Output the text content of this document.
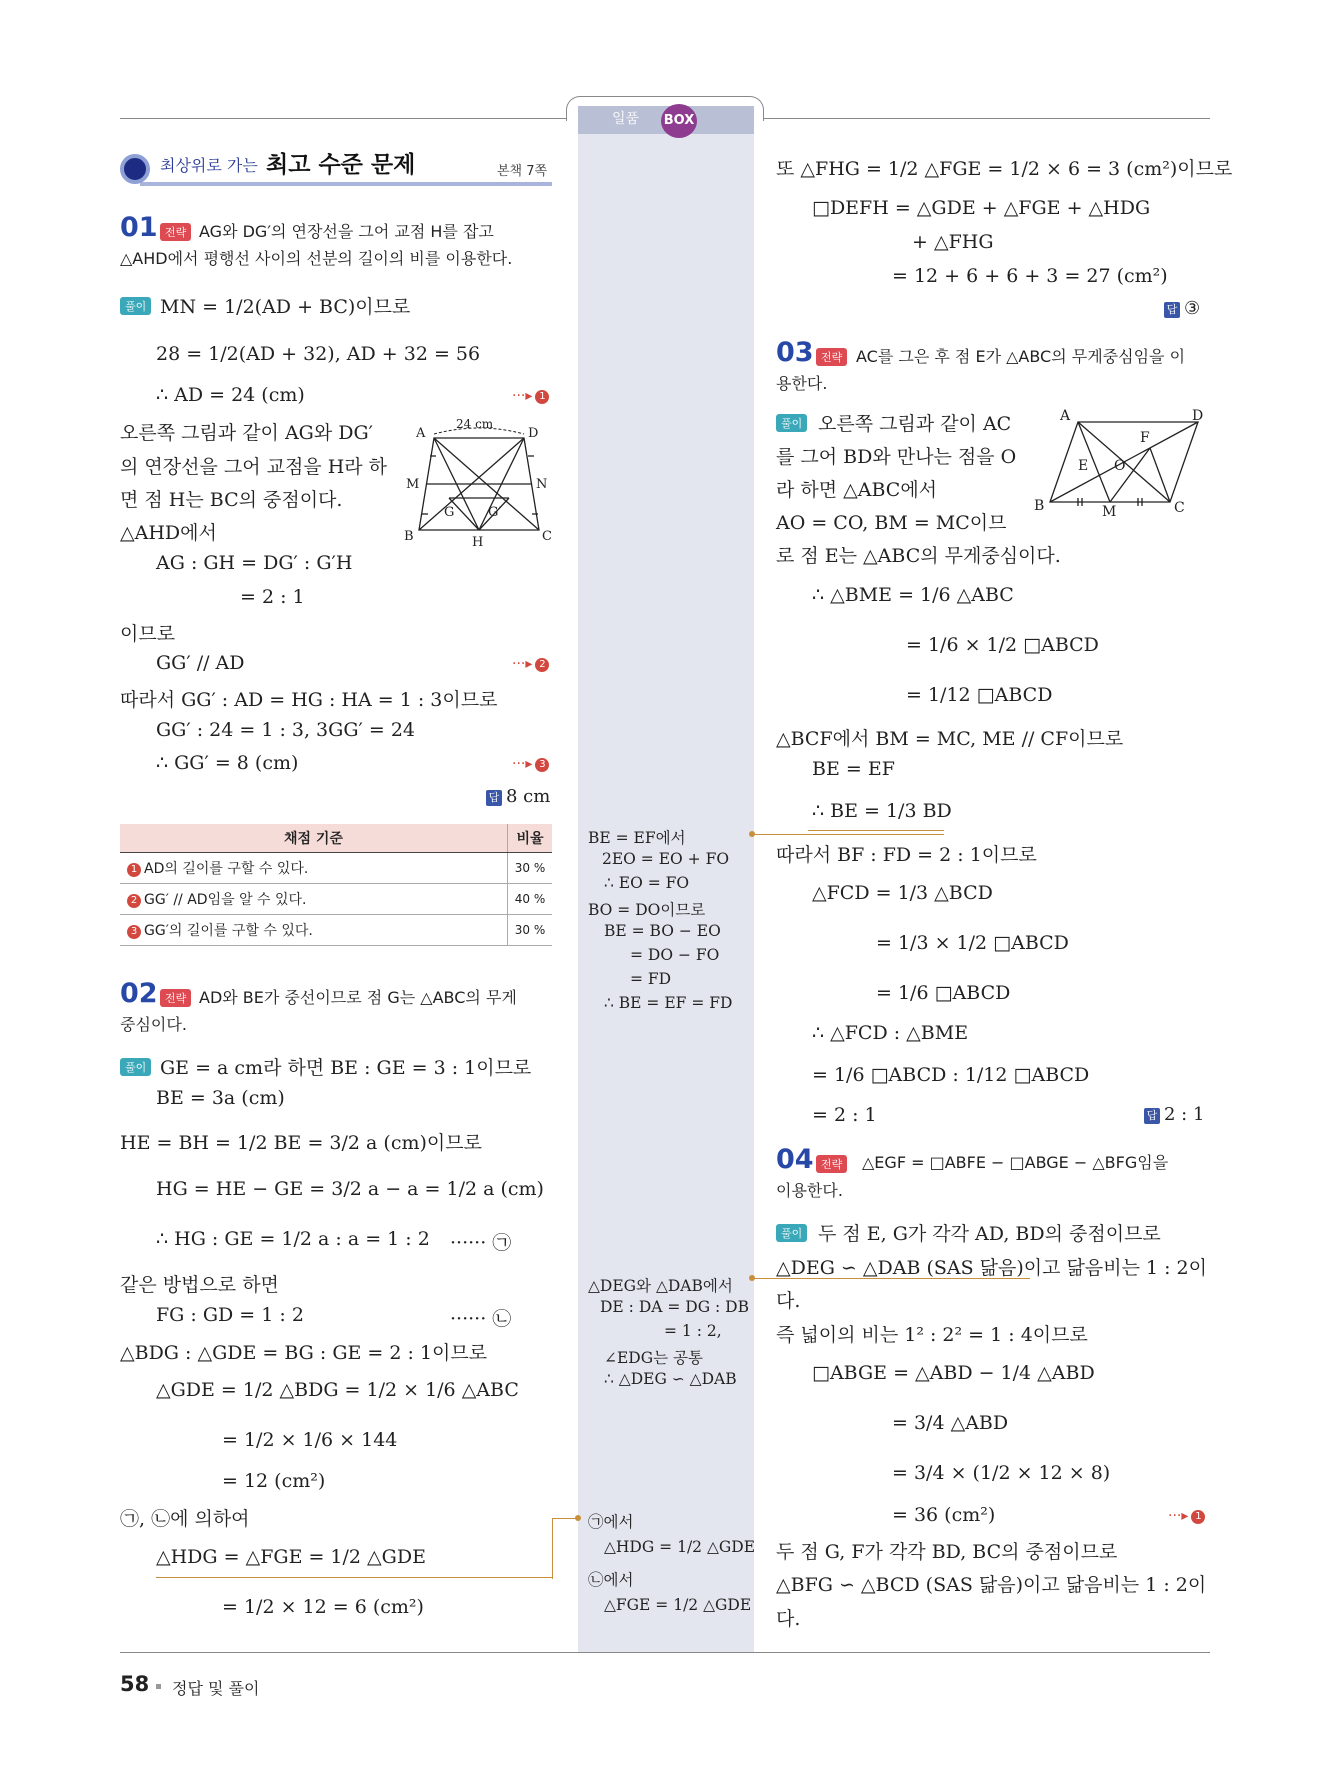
일품 BOX
최상위로 가는 최고 수준 문제	본책 7쪽
01 전략 AG와 DG′의 연장선을 그어 교점 H를 잡고
△AHD에서 평행선 사이의 선분의 길이의 비를 이용한다.
풀이 MN = 1/2(AD + BC)이므로
28 = 1/2(AD + 32), AD + 32 = 56
∴ AD = 24 (cm)	···▸ 1
오른쪽 그림과 같이 AG와 DG′
의 연장선을 그어 교점을 H라 하
면 점 H는 BC의 중점이다.
△AHD에서
AG : GH = DG′ : G′H
= 2 : 1
이므로
GG′ // AD	···▸ 2
따라서 GG′ : AD = HG : HA = 1 : 3이므로
GG′ : 24 = 1 : 3, 3GG′ = 24
∴ GG′ = 8 (cm)	···▸ 3
답 8 cm
A	D
M	N
B	C
G	G′
H
24 cm
채점 기준	비율
1 AD의 길이를 구할 수 있다.	30 %
2 GG′ // AD임을 알 수 있다.	40 %
3 GG′의 길이를 구할 수 있다.	30 %
02 전략 AD와 BE가 중선이므로 점 G는 △ABC의 무게
중심이다.
풀이 GE = a cm라 하면 BE : GE = 3 : 1이므로
BE = 3a (cm)
HE = BH = 1/2 BE = 3/2 a (cm)이므로
HG = HE − GE = 3/2 a − a = 1/2 a (cm)
∴ HG : GE = 1/2 a : a = 1 : 2 ······ ㉠
같은 방법으로 하면
FG : GD = 1 : 2	······ ㉡
△BDG : △GDE = BG : GE = 2 : 1이므로
△GDE = 1/2 △BDG = 1/2 × 1/6 △ABC
= 1/2 × 1/6 × 144
= 12 (cm²)
㉠, ㉡에 의하여
△HDG = △FGE = 1/2 △GDE
= 1/2 × 12 = 6 (cm²)
BE = EF에서
2EO = EO + FO
∴ EO = FO
BO = DO이므로
BE = BO − EO
= DO − FO
= FD
∴ BE = EF = FD
△DEG와 △DAB에서
DE : DA = DG : DB
= 1 : 2,
∠EDG는 공통
∴ △DEG ∽ △DAB
㉠에서
△HDG = 1/2 △GDE
㉡에서
△FGE = 1/2 △GDE
또 △FHG = 1/2 △FGE = 1/2 × 6 = 3 (cm²)이므로
□DEFH = △GDE + △FGE + △HDG
+ △FHG
= 12 + 6 + 6 + 3 = 27 (cm²)
답 ③
03 전략 AC를 그은 후 점 E가 △ABC의 무게중심임을 이
용한다.
풀이 오른쪽 그림과 같이 AC
를 그어 BD와 만나는 점을 O
라 하면 △ABC에서
AO = CO, BM = MC이므
로 점 E는 △ABC의 무게중심이다.
∴ △BME = 1/6 △ABC
= 1/6 × 1/2 □ABCD
= 1/12 □ABCD
△BCF에서 BM = MC, ME // CF이므로
BE = EF
∴ BE = 1/3 BD
따라서 BF : FD = 2 : 1이므로
△FCD = 1/3 △BCD
= 1/3 × 1/2 □ABCD
= 1/6 □ABCD
∴ △FCD : △BME
= 1/6 □ABCD : 1/12 □ABCD
= 2 : 1	답 2 : 1
A	D
B	C
M
E
F
O
04 전략	△EGF = □ABFE − □ABGE − △BFG임을
이용한다.
풀이 두 점 E, G가 각각 AD, BD의 중점이므로
△DEG ∽ △DAB (SAS 닮음)이고 닮음비는 1 : 2이
다.
즉 넓이의 비는 1² : 2² = 1 : 4이므로
□ABGE = △ABD − 1/4 △ABD
= 3/4 △ABD
= 3/4 × (1/2 × 12 × 8)
= 36 (cm²)	···▸ 1
두 점 G, F가 각각 BD, BC의 중점이므로
△BFG ∽ △BCD (SAS 닮음)이고 닮음비는 1 : 2이
다.
58 정답 및 풀이
